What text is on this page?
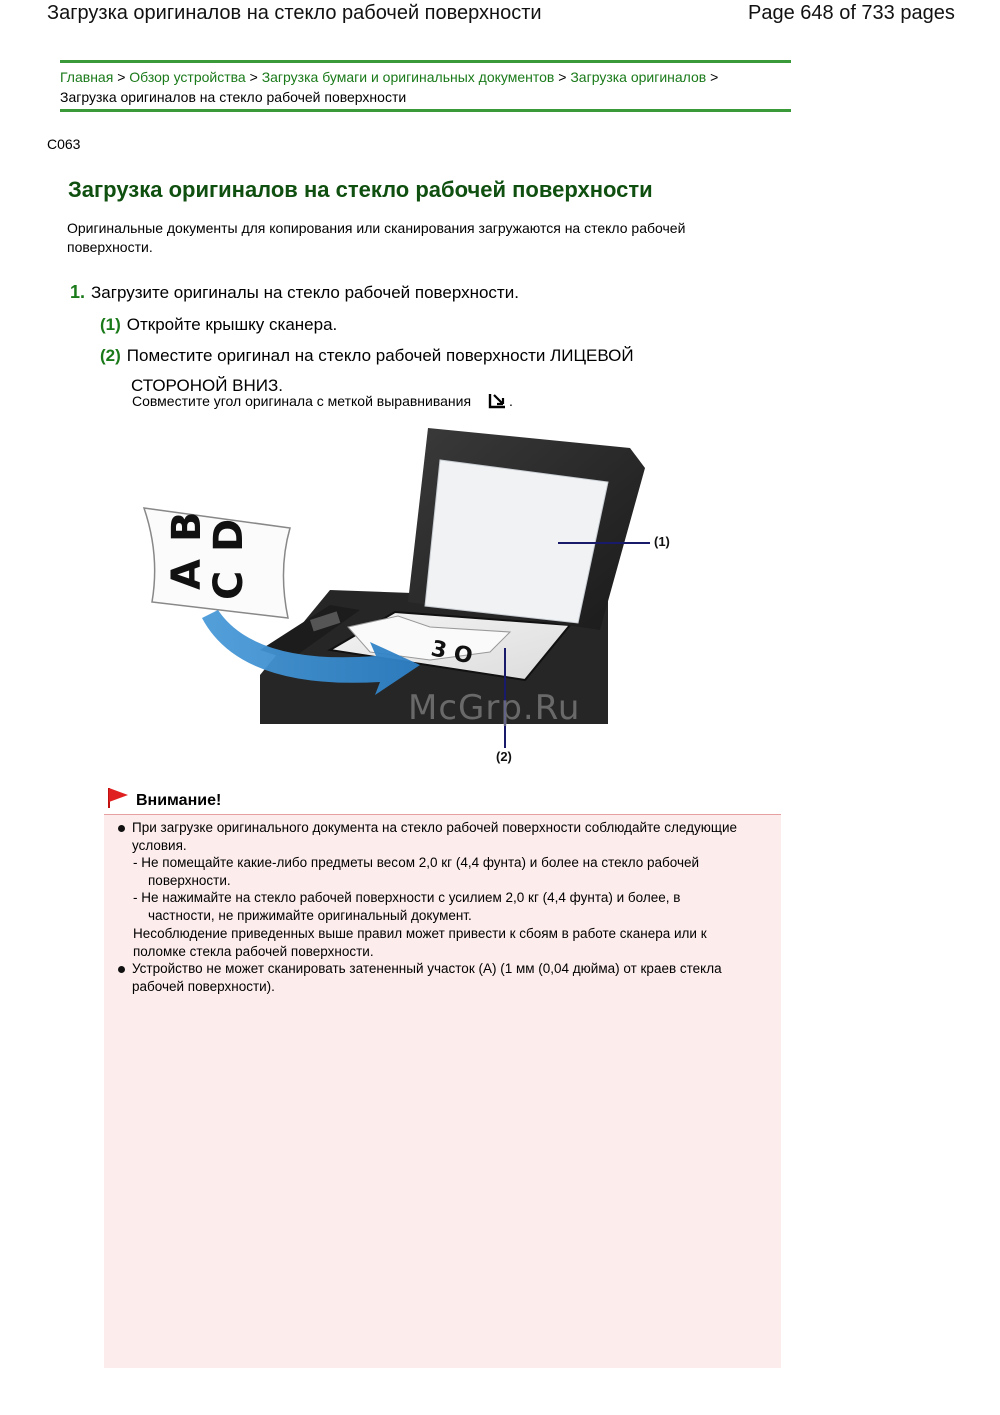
Загрузка оригиналов на стекло рабочей поверхности	Page 648 of 733 pages
Главная > Обзор устройства > Загрузка бумаги и оригинальных документов > Загрузка оригиналов >
Загрузка оригиналов на стекло рабочей поверхности
C063
Загрузка оригиналов на стекло рабочей поверхности
Оригинальные документы для копирования или сканирования загружаются на стекло рабочей
поверхности.
1. Загрузите оригиналы на стекло рабочей поверхности.
(1) Откройте крышку сканера.
(2) Поместите оригинал на стекло рабочей поверхности ЛИЦЕВОЙ
СТОРОНОЙ ВНИЗ.
Совместите угол оригинала с меткой выравнивания	.
3 O
A
B
C
D	(1)
(2)
McGrp.Ru
Внимание!
При загрузке оригинального документа на стекло рабочей поверхности соблюдайте следующие
условия.
- Не помещайте какие-либо предметы весом 2,0 кг (4,4 фунта) и более на стекло рабочей
поверхности.
- Не нажимайте на стекло рабочей поверхности с усилием 2,0 кг (4,4 фунта) и более, в
частности, не прижимайте оригинальный документ.
Несоблюдение приведенных выше правил может привести к сбоям в работе сканера или к
поломке стекла рабочей поверхности.
Устройство не может сканировать затененный участок (A) (1 мм (0,04 дюйма) от краев стекла
рабочей поверхности).
